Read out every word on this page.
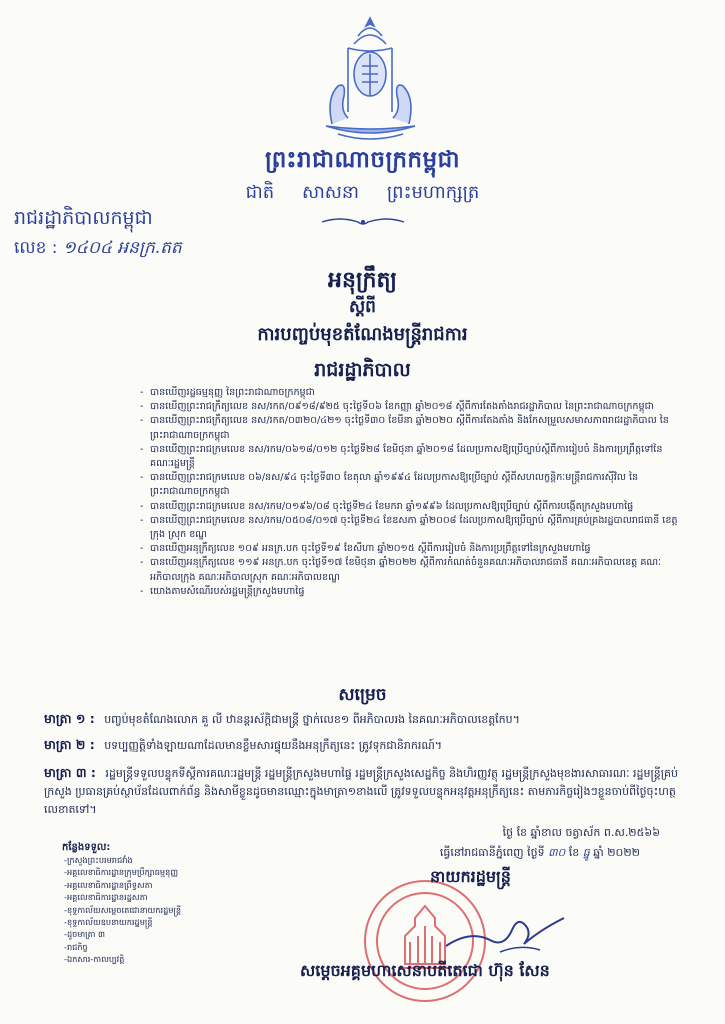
ព្រះរាជាណាចក្រកម្ពុជា
ជាតិ សាសនា ព្រះមហាក្សត្រ
រាជរដ្ឋាភិបាលកម្ពុជា
លេខ : ១៤០៤ អនក្រ.តត
អនុក្រឹត្យ
ស្តីពី
ការបញ្ចប់មុខតំណែងមន្ត្រីរាជការ
រាជរដ្ឋាភិបាល
- បានឃើញរដ្ឋធម្មនុញ្ញ នៃព្រះរាជាណាចក្រកម្ពុជា
- បានឃើញព្រះរាជក្រឹត្យលេខ នស/រកត/០៩១៨/៩២៥ ចុះថ្ងៃទី០៦ ខែកញ្ញា ឆ្នាំ២០១៨ ស្តីពីការតែងតាំងរាជរដ្ឋាភិបាល នៃព្រះរាជាណាចក្រកម្ពុជា
- បានឃើញព្រះរាជក្រឹត្យលេខ នស/រកត/០៣២០/៤២១ ចុះថ្ងៃទី៣០ ខែមីនា ឆ្នាំ២០២០ ស្តីពីការតែងតាំង និងកែសម្រួលសមាសភាពរាជរដ្ឋាភិបាល នៃព្រះរាជាណាចក្រកម្ពុជា
- បានឃើញព្រះរាជក្រមលេខ នស/រកម/០៦១៨/០១២ ចុះថ្ងៃទី២៨ ខែមិថុនា ឆ្នាំ២០១៨ ដែលប្រកាសឱ្យប្រើច្បាប់ស្តីពីការរៀបចំ និងការប្រព្រឹត្តទៅនៃគណៈរដ្ឋមន្ត្រី
- បានឃើញព្រះរាជក្រមលេខ ០៦/នស/៩៤ ចុះថ្ងៃទី៣០ ខែតុលា ឆ្នាំ១៩៩៤ ដែលប្រកាសឱ្យប្រើច្បាប់ ស្តីពីសហលក្ខន្តិកៈមន្ត្រីរាជការស៊ីវិល នៃព្រះរាជាណាចក្រកម្ពុជា
- បានឃើញព្រះរាជក្រមលេខ នស/រកម/០១៩៦/០៨ ចុះថ្ងៃទី២៤ ខែមករា ឆ្នាំ១៩៩៦ ដែលប្រកាសឱ្យប្រើច្បាប់ ស្តីពីការបង្កើតក្រសួងមហាផ្ទៃ
- បានឃើញព្រះរាជក្រមលេខ នស/រកម/០៥០៨/០១៧ ចុះថ្ងៃទី២៤ ខែឧសភា ឆ្នាំ២០០៨ ដែលប្រកាសឱ្យប្រើច្បាប់ ស្តីពីការគ្រប់គ្រងរដ្ឋបាលរាជធានី ខេត្ត ក្រុង ស្រុក ខណ្ឌ
- បានឃើញអនុក្រឹត្យលេខ ១០៩ អនក្រ.បក ចុះថ្ងៃទី១៩ ខែសីហា ឆ្នាំ២០១៥ ស្តីពីការរៀបចំ និងការប្រព្រឹត្តទៅនៃក្រសួងមហាផ្ទៃ
- បានឃើញអនុក្រឹត្យលេខ ១១៩ អនក្រ.បក ចុះថ្ងៃទី១៧ ខែមិថុនា ឆ្នាំ២០២២ ស្តីពីការកំណត់ចំនួនគណៈអភិបាលរាជធានី គណៈអភិបាលខេត្ត គណៈអភិបាលក្រុង គណៈអភិបាលស្រុក គណៈអភិបាលខណ្ឌ
- យោងតាមសំណើរបស់រដ្ឋមន្ត្រីក្រសួងមហាផ្ទៃ
សម្រេច
មាត្រា ១ : បញ្ចប់មុខតំណែងលោក គួ លី ឋានន្តរស័ក្តិជាមន្ត្រី ថ្នាក់លេខ១ ពីអភិបាលរង នៃគណៈអភិបាលខេត្តកែប។
មាត្រា ២ : បទប្បញ្ញត្តិទាំងឡាយណាដែលមានខ្លឹមសារផ្ទុយនឹងអនុក្រឹត្យនេះ ត្រូវទុកជានិរាករណ៍។
មាត្រា ៣ : រដ្ឋមន្ត្រីទទួលបន្ទុកទីស្តីការគណៈរដ្ឋមន្ត្រី រដ្ឋមន្ត្រីក្រសួងមហាផ្ទៃ រដ្ឋមន្ត្រីក្រសួងសេដ្ឋកិច្ច និងហិរញ្ញវត្ថុ រដ្ឋមន្ត្រីក្រសួងមុខងារសាធារណៈ រដ្ឋមន្ត្រីគ្រប់ក្រសួង ប្រធានគ្រប់ស្ថាប័នដែលពាក់ព័ន្ធ និងសាមីខ្លួនដូចមានឈ្មោះក្នុងមាត្រា១ខាងលើ ត្រូវទទួលបន្ទុកអនុវត្តអនុក្រឹត្យនេះ តាមភារកិច្ចរៀងៗខ្លួនចាប់ពីថ្ងៃចុះហត្ថលេខាតទៅ។
ថ្ងៃ ខែ ឆ្នាំខាល ចត្វាស័ក ព.ស.២៥៦៦
ធ្វើនៅរាជធានីភ្នំពេញ ថ្ងៃទី ៣០ ខែ ធ្នូ ឆ្នាំ ២០២២
កន្លែងទទួល:
-ក្រសួងព្រះបរមរាជវាំង
-អគ្គលេខាធិការដ្ឋានក្រុមប្រឹក្សាធម្មនុញ្ញ
-អគ្គលេខាធិការដ្ឋានព្រឹទ្ធសភា
-អគ្គលេខាធិការដ្ឋានរដ្ឋសភា
-ខុទ្ទកាល័យសម្តេចតេជោនាយករដ្ឋមន្ត្រី
-ខុទ្ទកាល័យឧបនាយករដ្ឋមន្ត្រី
-ដូចមាត្រា ៣
-រាជកិច្ច
-ឯកសារ-កាលប្បវត្តិ
នាយករដ្ឋមន្ត្រី
សម្តេចអគ្គមហាសេនាបតីតេជោ ហ៊ុន សែន
